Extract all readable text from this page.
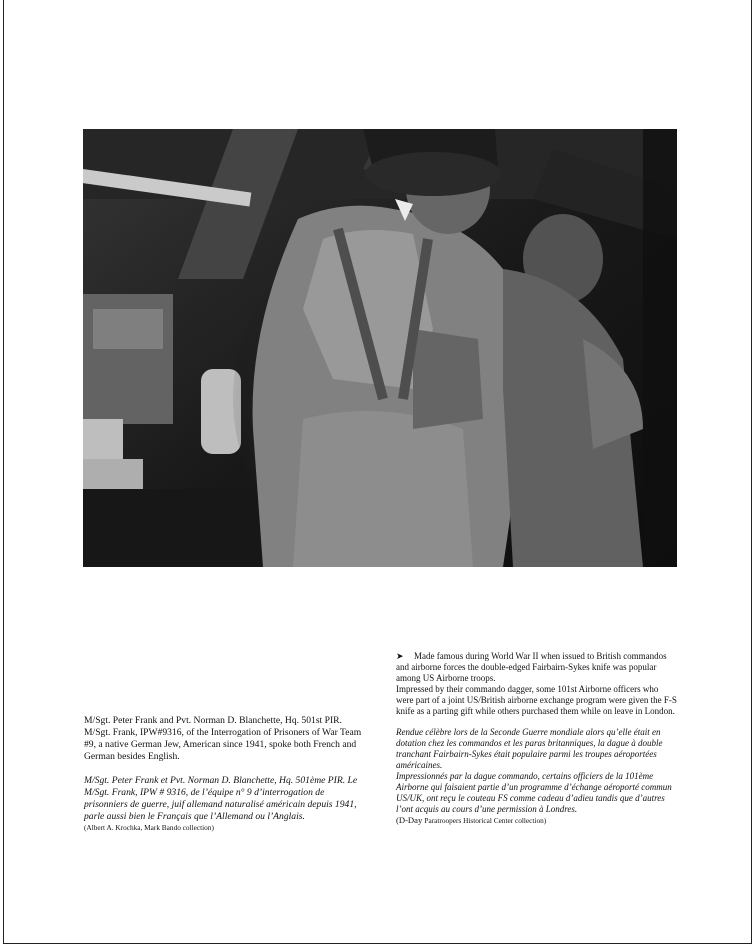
M/Sgt. Peter Frank and Pvt. Norman D. Blanchette, Hq. 501st PIR. M/Sgt. Frank, IPW#9316, of the Interrogation of Prisoners of War Team #9, a native German Jew, American since 1941, spoke both French and German besides English.

M/Sgt. Peter Frank et Pvt. Norman D. Blanchette, Hq. 501ème PIR. Le M/Sgt. Frank, IPW # 9316, de l’équipe n° 9 d’interrogation de prisonniers de guerre, juif allemand naturalisé américain depuis 1941, parle aussi bien le Français que l’Allemand ou l’Anglais.

(Albert A. Krochka, Mark Bando collection)

➤ Made famous during World War II when issued to British commandos and airborne forces the double-edged Fairbairn-Sykes knife was popular among US Airborne troops.

Impressed by their commando dagger, some 101st Airborne officers who were part of a joint US/British airborne exchange program were given the F-S knife as a parting gift while others purchased them while on leave in London.

Rendue célèbre lors de la Seconde Guerre mondiale alors qu’elle était en dotation chez les commandos et les paras britanniques, la dague à double tranchant Fairbairn-Sykes était populaire parmi les troupes aéroportées américaines.

Impressionnés par la dague commando, certains officiers de la 101ème Airborne qui faisaient partie d’un programme d’échange aéroporté commun US/UK, ont reçu le couteau FS comme cadeau d’adieu tandis que d’autres l’ont acquis au cours d’une permission à Londres.

(D-Day Paratroopers Historical Center collection)
